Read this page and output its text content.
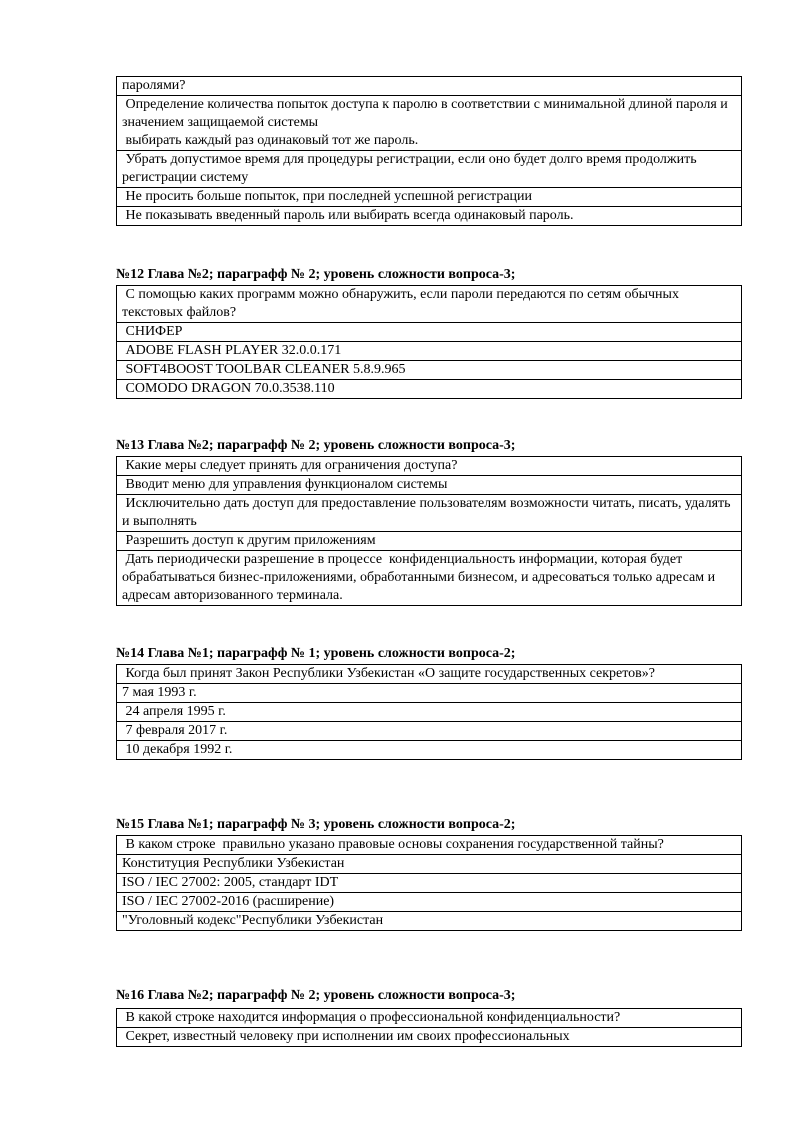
паролями?
Определение количества попыток доступа к паролю в соответствии с минимальной длиной пароля и значением защищаемой системы
выбирать каждый раз одинаковый тот же пароль.
Убрать допустимое время для процедуры регистрации, если оно будет долго время продолжить регистрации систему
Не просить больше попыток, при последней успешной регистрации
Не показывать введенный пароль или выбирать всегда одинаковый пароль.
№12 Глава №2; параграфф № 2; уровень сложности вопроса-3;
С помощью каких программ можно обнаружить, если пароли передаются по сетям обычных текстовых файлов?
СНИФЕР
ADOBE FLASH PLAYER 32.0.0.171
SOFT4BOOST TOOLBAR CLEANER 5.8.9.965
COMODO DRAGON 70.0.3538.110
№13 Глава №2; параграфф № 2; уровень сложности вопроса-3;
Какие меры следует принять для ограничения доступа?
Вводит меню для управления функционалом системы
Исключительно дать доступ для предоставление пользователям возможности читать, писать, удалять и выполнять
Разрешить доступ к другим приложениям
Дать периодически разрешение в процессе  конфиденциальность информации, которая будет обрабатываться бизнес-приложениями, обработанными бизнесом, и адресоваться только адресам и адресам авторизованного терминала.
№14 Глава №1; параграфф № 1; уровень сложности вопроса-2;
Когда был принят Закон Республики Узбекистан «О защите государственных секретов»?
7 мая 1993 г.
24 апреля 1995 г.
7 февраля 2017 г.
10 декабря 1992 г.
№15 Глава №1; параграфф № 3; уровень сложности вопроса-2;
В каком строке  правильно указано правовые основы сохранения государственной тайны?
Конституция Республики Узбекистан
ISO / IEC 27002: 2005, стандарт IDT
ISO / IEC 27002-2016 (расширение)
"Уголовный кодекс"Республики Узбекистан
№16 Глава №2; параграфф № 2; уровень сложности вопроса-3;
В какой строке находится информация о профессиональной конфиденциальности?
Секрет, известный человеку при исполнении им своих профессиональных
